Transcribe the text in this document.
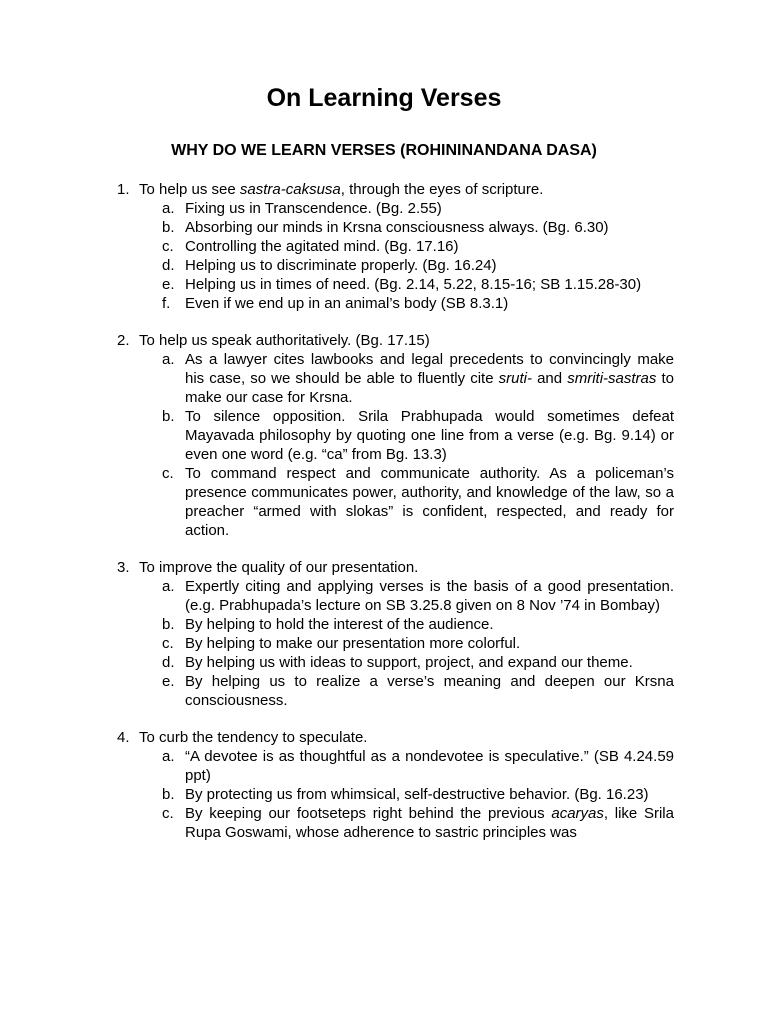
On Learning Verses
WHY DO WE LEARN VERSES (ROHININANDANA DASA)
1. To help us see sastra-caksusa, through the eyes of scripture.
a. Fixing us in Transcendence. (Bg. 2.55)
b. Absorbing our minds in Krsna consciousness always. (Bg. 6.30)
c. Controlling the agitated mind. (Bg. 17.16)
d. Helping us to discriminate properly. (Bg. 16.24)
e. Helping us in times of need. (Bg. 2.14, 5.22, 8.15-16; SB 1.15.28-30)
f. Even if we end up in an animal’s body (SB 8.3.1)
2. To help us speak authoritatively. (Bg. 17.15)
a. As a lawyer cites lawbooks and legal precedents to convincingly make his case, so we should be able to fluently cite sruti- and smriti-sastras to make our case for Krsna.
b. To silence opposition. Srila Prabhupada would sometimes defeat Mayavada philosophy by quoting one line from a verse (e.g. Bg. 9.14) or even one word (e.g. “ca” from Bg. 13.3)
c. To command respect and communicate authority. As a policeman’s presence communicates power, authority, and knowledge of the law, so a preacher “armed with slokas” is confident, respected, and ready for action.
3. To improve the quality of our presentation.
a. Expertly citing and applying verses is the basis of a good presentation. (e.g. Prabhupada’s lecture on SB 3.25.8 given on 8 Nov ’74 in Bombay)
b. By helping to hold the interest of the audience.
c. By helping to make our presentation more colorful.
d. By helping us with ideas to support, project, and expand our theme.
e. By helping us to realize a verse’s meaning and deepen our Krsna consciousness.
4. To curb the tendency to speculate.
a. “A devotee is as thoughtful as a nondevotee is speculative.” (SB 4.24.59 ppt)
b. By protecting us from whimsical, self-destructive behavior. (Bg. 16.23)
c. By keeping our footseteps right behind the previous acaryas, like Srila Rupa Goswami, whose adherence to sastric principles was
